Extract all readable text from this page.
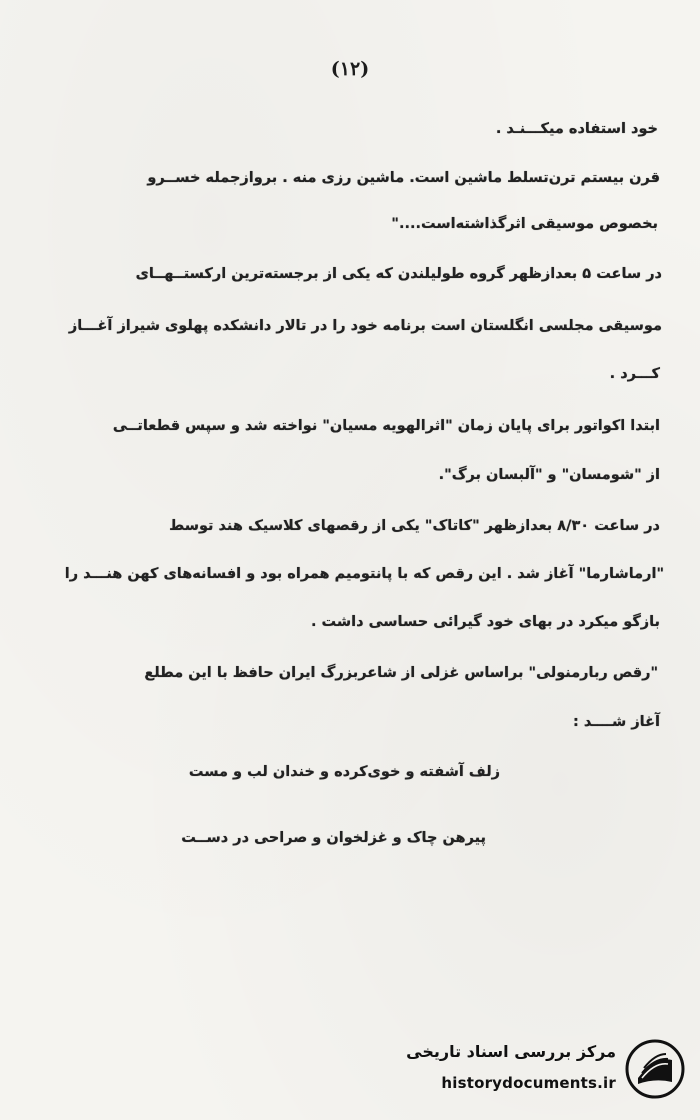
(۱۲)
خود استفاده میکـــنـد .
قرن بیستم ترن‌تسلط ماشین است. ماشین رزی منه . بروازجمله خســرو
بخصوص موسیقی اثرگذاشته‌است...."
در ساعت ۵ بعدازظهر گروه طولیلندن که یکی از برجسته‌ترین ارکستــهــای
موسیقی مجلسی انگلستان است برنامه خود را در تالار دانشکده پهلوی شیراز آغـــاز
کـــرد .
ابتدا اکواتور برای پایان زمان "اثرالهویه مسیان" نواخته شد و سپس قطعاتــی
از "شومسان" و "آلبسان برگ".
در ساعت ۸/۳۰ بعدازظهر "کاتاک" یکی از رقصهای کلاسیک هند توسط
"ارماشارما" آغاز شد . این رقص که با پانتومیم همراه بود و افسانه‌های کهن هنـــد را
بازگو میکرد در بهای خود گیرائی حساسی داشت .
"رقص ربارمنولی" براساس غزلی از شاعربزرگ ایران حافظ با این مطلع
آغاز شــــد :
زلف آشفته و خوی‌کرده و خندان لب و مست
پیرهن چاک و غزلخوان و صراحی در دســت
مرکز بررسی اسناد تاریخی
historydocuments.ir
